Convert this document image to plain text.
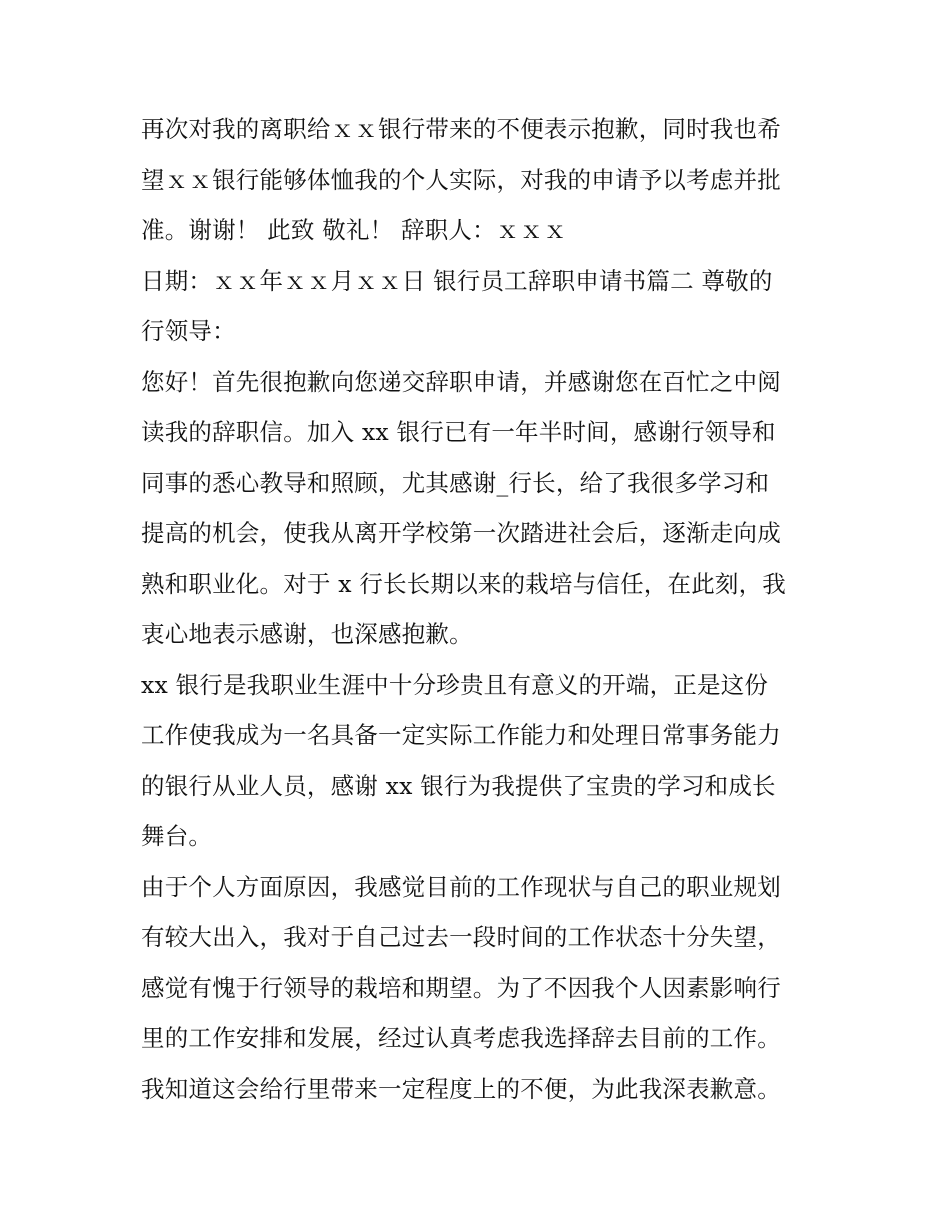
再次对我的离职给ｘｘ银行带来的不便表示抱歉，同时我也希
望ｘｘ银行能够体恤我的个人实际，对我的申请予以考虑并批
准。谢谢！ 此致 敬礼！ 辞职人：ｘｘｘ
日期：ｘｘ年ｘｘ月ｘｘ日 银行员工辞职申请书篇二 尊敬的
行领导：
您好！首先很抱歉向您递交辞职申请，并感谢您在百忙之中阅
读我的辞职信。加入 xx 银行已有一年半时间，感谢行领导和
同事的悉心教导和照顾，尤其感谢_行长，给了我很多学习和
提高的机会，使我从离开学校第一次踏进社会后，逐渐走向成
熟和职业化。对于 x 行长长期以来的栽培与信任，在此刻，我
衷心地表示感谢，也深感抱歉。
xx 银行是我职业生涯中十分珍贵且有意义的开端，正是这份
工作使我成为一名具备一定实际工作能力和处理日常事务能力
的银行从业人员，感谢 xx 银行为我提供了宝贵的学习和成长
舞台。
由于个人方面原因，我感觉目前的工作现状与自己的职业规划
有较大出入，我对于自己过去一段时间的工作状态十分失望，
感觉有愧于行领导的栽培和期望。为了不因我个人因素影响行
里的工作安排和发展，经过认真考虑我选择辞去目前的工作。
我知道这会给行里带来一定程度上的不便，为此我深表歉意。
